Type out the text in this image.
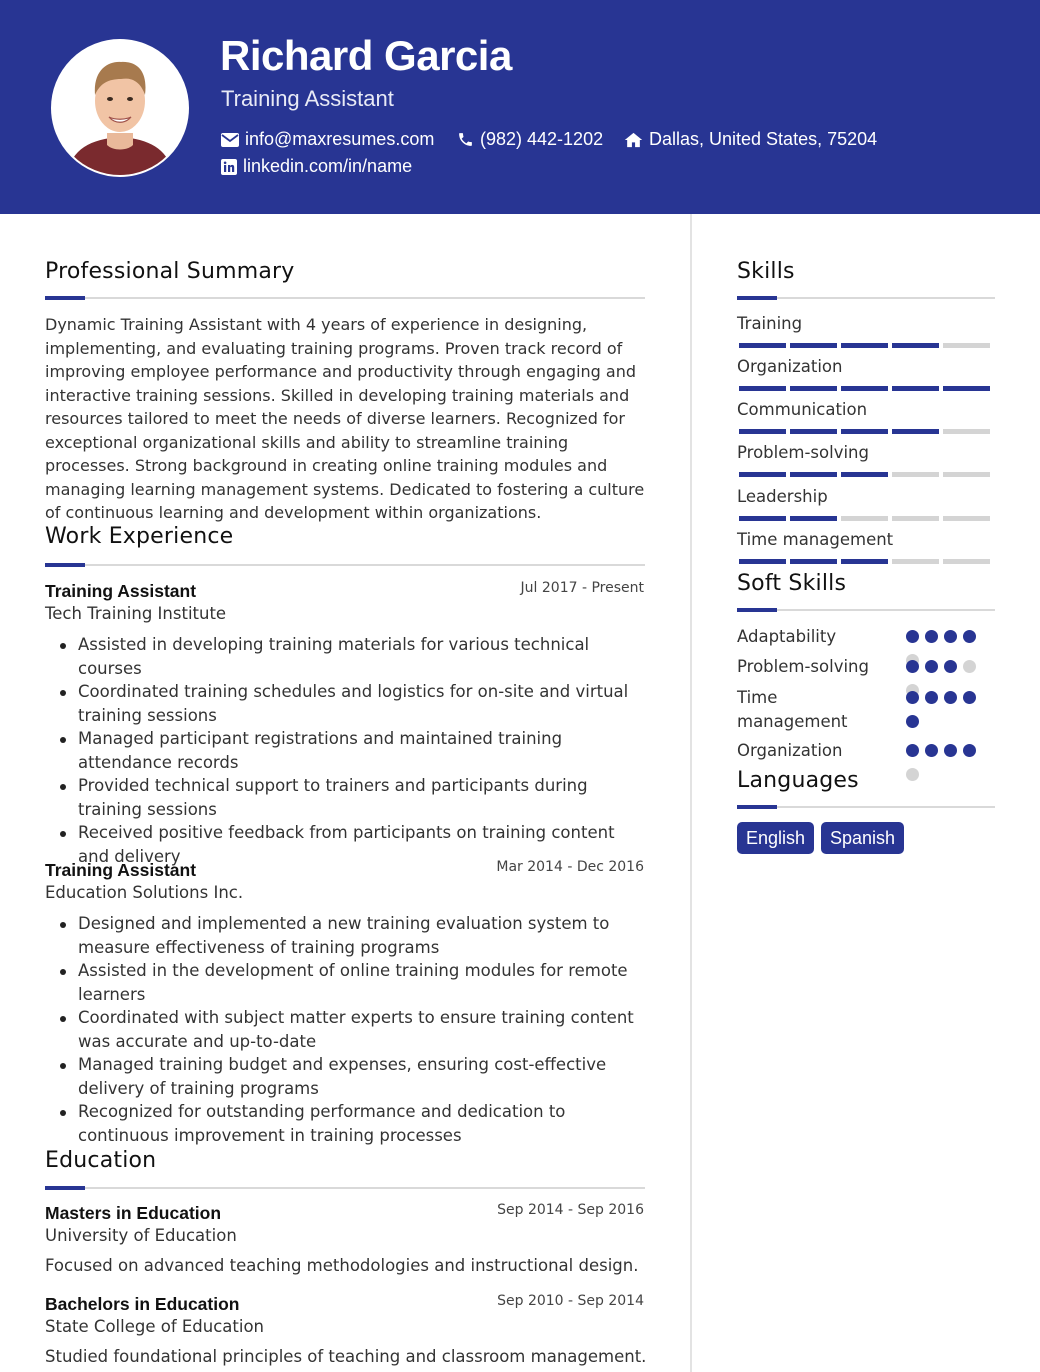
Richard Garcia
Training Assistant
info@maxresumes.com	(982) 442-1202	Dallas, United States, 75204
linkedin.com/in/name
Professional Summary
Dynamic Training Assistant with 4 years of experience in designing, implementing, and evaluating training programs. Proven track record of improving employee performance and productivity through engaging and interactive training sessions. Skilled in developing training materials and resources tailored to meet the needs of diverse learners. Recognized for exceptional organizational skills and ability to streamline training processes. Strong background in creating online training modules and managing learning management systems. Dedicated to fostering a culture of continuous learning and development within organizations.
Work Experience
Training Assistant	Jul 2017 - Present
Tech Training Institute
Assisted in developing training materials for various technical courses
Coordinated training schedules and logistics for on-site and virtual training sessions
Managed participant registrations and maintained training attendance records
Provided technical support to trainers and participants during training sessions
Received positive feedback from participants on training content and delivery
Training Assistant	Mar 2014 - Dec 2016
Education Solutions Inc.
Designed and implemented a new training evaluation system to measure effectiveness of training programs
Assisted in the development of online training modules for remote learners
Coordinated with subject matter experts to ensure training content was accurate and up-to-date
Managed training budget and expenses, ensuring cost-effective delivery of training programs
Recognized for outstanding performance and dedication to continuous improvement in training processes
Education
Masters in Education	Sep 2014 - Sep 2016
University of Education
Focused on advanced teaching methodologies and instructional design.
Bachelors in Education	Sep 2010 - Sep 2014
State College of Education
Studied foundational principles of teaching and classroom management.
Skills
Training
Organization
Communication
Problem-solving
Leadership
Time management
Soft Skills
Adaptability
Problem-solving
Time management
Organization
Languages
English	Spanish
